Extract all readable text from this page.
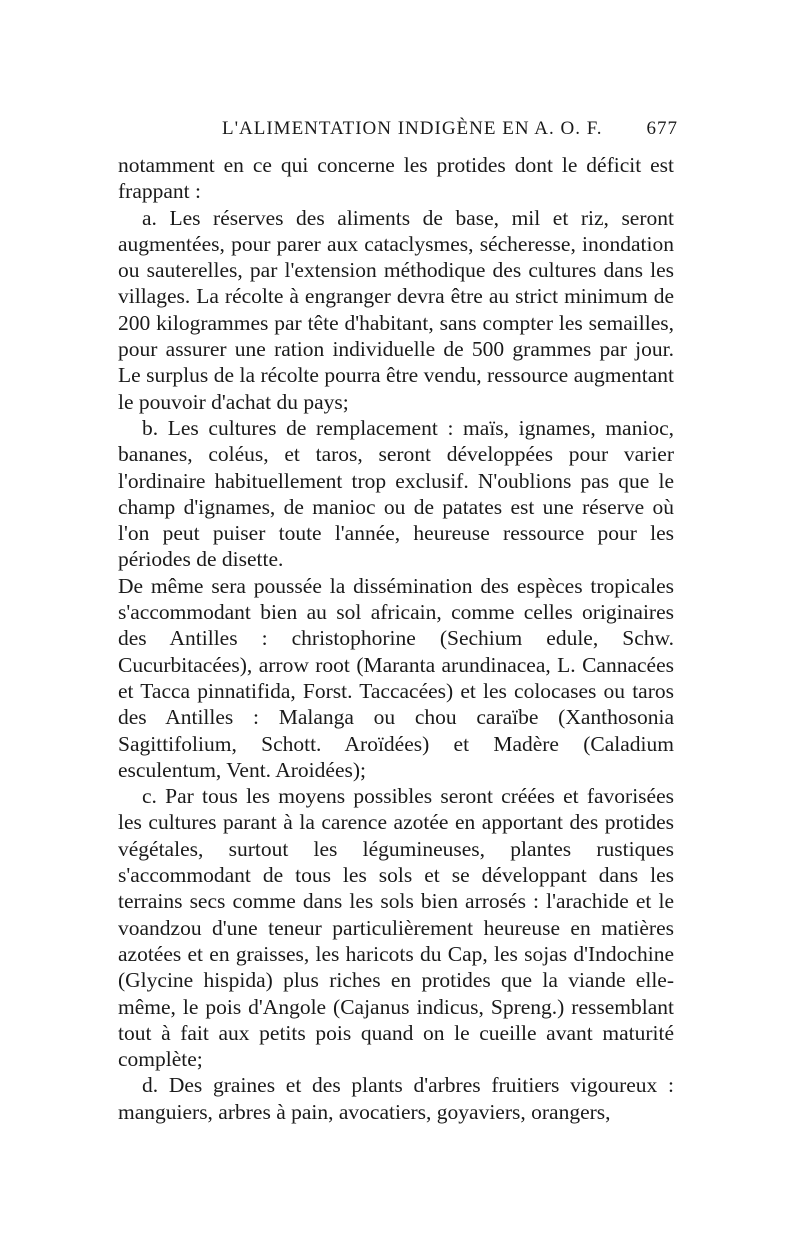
L'ALIMENTATION INDIGÈNE EN A. O. F. 677

notamment en ce qui concerne les protides dont le déficit est frappant :

a. Les réserves des aliments de base, mil et riz, seront augmentées, pour parer aux cataclysmes, sécheresse, inondation ou sauterelles, par l'extension méthodique des cultures dans les villages. La récolte à engranger devra être au strict minimum de 200 kilogrammes par tête d'habitant, sans compter les semailles, pour assurer une ration individuelle de 500 grammes par jour. Le surplus de la récolte pourra être vendu, ressource augmentant le pouvoir d'achat du pays;

b. Les cultures de remplacement : maïs, ignames, manioc, bananes, coléus, et taros, seront développées pour varier l'ordinaire habituellement trop exclusif. N'oublions pas que le champ d'ignames, de manioc ou de patates est une réserve où l'on peut puiser toute l'année, heureuse ressource pour les périodes de disette.

De même sera poussée la dissémination des espèces tropicales s'accommodant bien au sol africain, comme celles originaires des Antilles : christophorine (Sechium edule, Schw. Cucurbitacées), arrow root (Maranta arundinacea, L. Cannacées et Tacca pinnatifida, Forst. Taccacées) et les colocases ou taros des Antilles : Malanga ou chou caraïbe (Xanthosonia Sagittifolium, Schott. Aroïdées) et Madère (Caladium esculentum, Vent. Aroidées);

c. Par tous les moyens possibles seront créées et favorisées les cultures parant à la carence azotée en apportant des protides végétales, surtout les légumineuses, plantes rustiques s'accommodant de tous les sols et se développant dans les terrains secs comme dans les sols bien arrosés : l'arachide et le voandzou d'une teneur particulièrement heureuse en matières azotées et en graisses, les haricots du Cap, les sojas d'Indochine (Glycine hispida) plus riches en protides que la viande elle-même, le pois d'Angole (Cajanus indicus, Spreng.) ressemblant tout à fait aux petits pois quand on le cueille avant maturité complète;

d. Des graines et des plants d'arbres fruitiers vigoureux : manguiers, arbres à pain, avocatiers, goyaviers, orangers,
